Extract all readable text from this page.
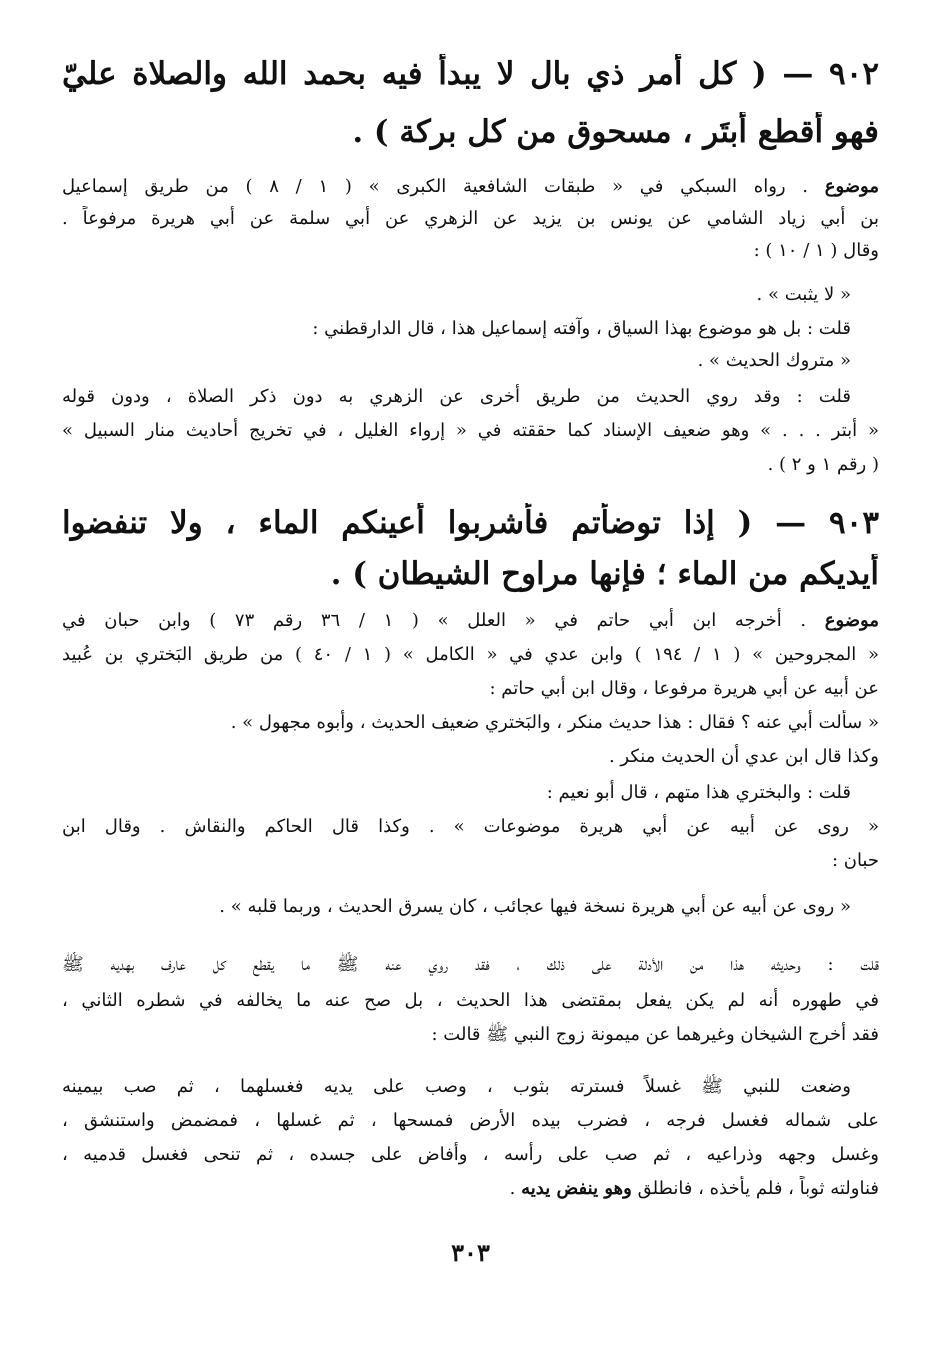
٩٠٢ — ( كل أمر ذي بال لا يبدأ فيه بحمد الله والصلاة عليّ
فهو أقطع أبتَر ، مسحوق من كل بركة ) .
موضوع . رواه السبكي في « طبقات الشافعية الكبرى » ( ١ / ٨ ) من طريق إسماعيل
بن أبي زياد الشامي عن يونس بن يزيد عن الزهري عن أبي سلمة عن أبي هريرة مرفوعاً .
وقال ( ١ / ١٠ ) :
« لا يثبت » .
قلت : بل هو موضوع بهذا السياق ، وآفته إسماعيل هذا ، قال الدارقطني :
« متروك الحديث » .
قلت : وقد روي الحديث من طريق أخرى عن الزهري به دون ذكر الصلاة ، ودون قوله
« أبتر . . . » وهو ضعيف الإسناد كما حققته في « إرواء الغليل ، في تخريج أحاديث منار السبيل »
( رقم ١ و ٢ ) .
٩٠٣ — ( إذا توضأتم فأشربوا أعينكم الماء ، ولا تنفضوا
أيديكم من الماء ؛ فإنها مراوح الشيطان ) .
موضوع . أخرجه ابن أبي حاتم في « العلل » ( ١ / ٣٦ رقم ٧٣ ) وابن حبان في
« المجروحين » ( ١ / ١٩٤ ) وابن عدي في « الكامل » ( ١ / ٤٠ ) من طريق البَختري بن عُبيد
عن أبيه عن أبي هريرة مرفوعا ، وقال ابن أبي حاتم :
« سألت أبي عنه ؟ فقال : هذا حديث منكر ، والبَختري ضعيف الحديث ، وأبوه مجهول » .
وكذا قال ابن عدي أن الحديث منكر .
قلت : والبختري هذا متهم ، قال أبو نعيم :
« روى عن أبيه عن أبي هريرة موضوعات » . وكذا قال الحاكم والنقاش . وقال ابن
حبان :
« روى عن أبيه عن أبي هريرة نسخة فيها عجائب ، كان يسرق الحديث ، وربما قلبه » .
قلت : وحديثه هذا من الأدلة على ذلك ، فقد روي عنه ﷺ ما يقطع كل عارف بهديه ﷺ
في طهوره أنه لم يكن يفعل بمقتضى هذا الحديث ، بل صح عنه ما يخالفه في شطره الثاني ،
فقد أخرج الشيخان وغيرهما عن ميمونة زوج النبي ﷺ قالت :
وضعت للنبي ﷺ غسلاً فسترته بثوب ، وصب على يديه فغسلهما ، ثم صب بيمينه
على شماله فغسل فرجه ، فضرب بيده الأرض فمسحها ، ثم غسلها ، فمضمض واستنشق ،
وغسل وجهه وذراعيه ، ثم صب على رأسه ، وأفاض على جسده ، ثم تنحى فغسل قدميه ،
فناولته ثوباً ، فلم يأخذه ، فانطلق وهو ينفض يديه .
٣٠٣
